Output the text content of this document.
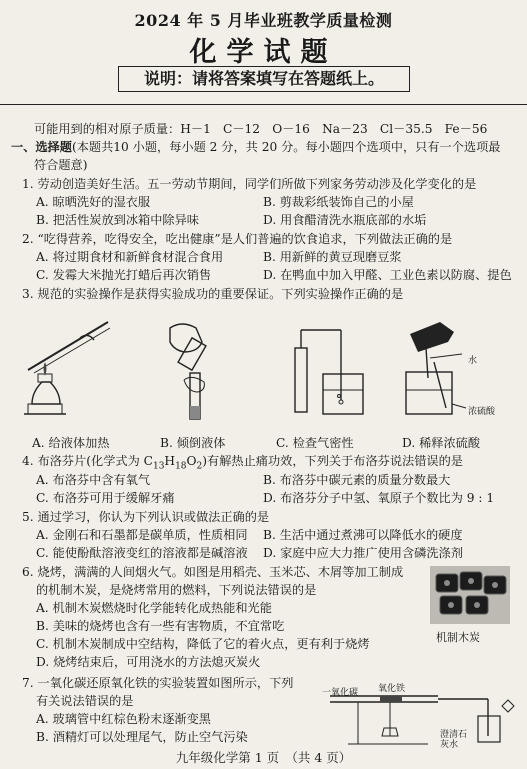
2024 年 5 月毕业班教学质量检测
化学试题
说明：请将答案填写在答题纸上。
可能用到的相对原子质量：H－1　C－12　O－16　Na－23　Cl－35.5　Fe－56
一、选择题(本题共10 小题，每小题 2 分，共 20 分。每小题四个选项中，只有一个选项最
符合题意)
1. 劳动创造美好生活。五一劳动节期间，同学们所做下列家务劳动涉及化学变化的是
A. 晾晒洗好的湿衣服	B. 剪裁彩纸装饰自己的小屋
B. 把活性炭放到冰箱中除异味	D. 用食醋清洗水瓶底部的水垢
2. “吃得营养，吃得安全，吃出健康”是人们普遍的饮食追求，下列做法正确的是
A. 将过期食材和新鲜食材混合食用	B. 用新鲜的黄豆现磨豆浆
C. 发霉大米抛光打蜡后再次销售	D. 在鸭血中加入甲醛、工业色素以防腐、提色
3. 规范的实验操作是获得实验成功的重要保证。下列实验操作正确的是
水
浓硫酸
A. 给液体加热	B. 倾倒液体	C. 检查气密性	D. 稀释浓硫酸
4. 布洛芬片(化学式为 $C_{13}H_{18}O_2$)有解热止痛功效，下列关于布洛芬说法错误的是
A. 布洛芬中含有氧气	B. 布洛芬中碳元素的质量分数最大
C. 布洛芬可用于缓解牙痛	D. 布洛芬分子中氢、氧原子个数比为 9 : 1
5. 通过学习，你认为下列认识或做法正确的是
A. 金刚石和石墨都是碳单质，性质相同 B. 生活中通过煮沸可以降低水的硬度
C. 能使酚酞溶液变红的溶液都是碱溶液 D. 家庭中应大力推广使用含磷洗涤剂
6. 烧烤，满满的人间烟火气。如图是用稻壳、玉米芯、木屑等加工制成
的机制木炭，是烧烤常用的燃料，下列说法错误的是
A. 机制木炭燃烧时化学能转化成热能和光能
B. 美味的烧烤也含有一些有害物质，不宜常吃
C. 机制木炭制成中空结构，降低了它的着火点，更有利于烧烤
D. 烧烤结束后，可用浇水的方法熄灭炭火
机制木炭
7. 一氧化碳还原氧化铁的实验装置如图所示，下列
有关说法错误的是
A. 玻璃管中红棕色粉末逐渐变黑
B. 酒精灯可以处理尾气，防止空气污染
一氧化碳 氧化铁
澄清石灰水
九年级化学第 1 页　（共 4 页）
